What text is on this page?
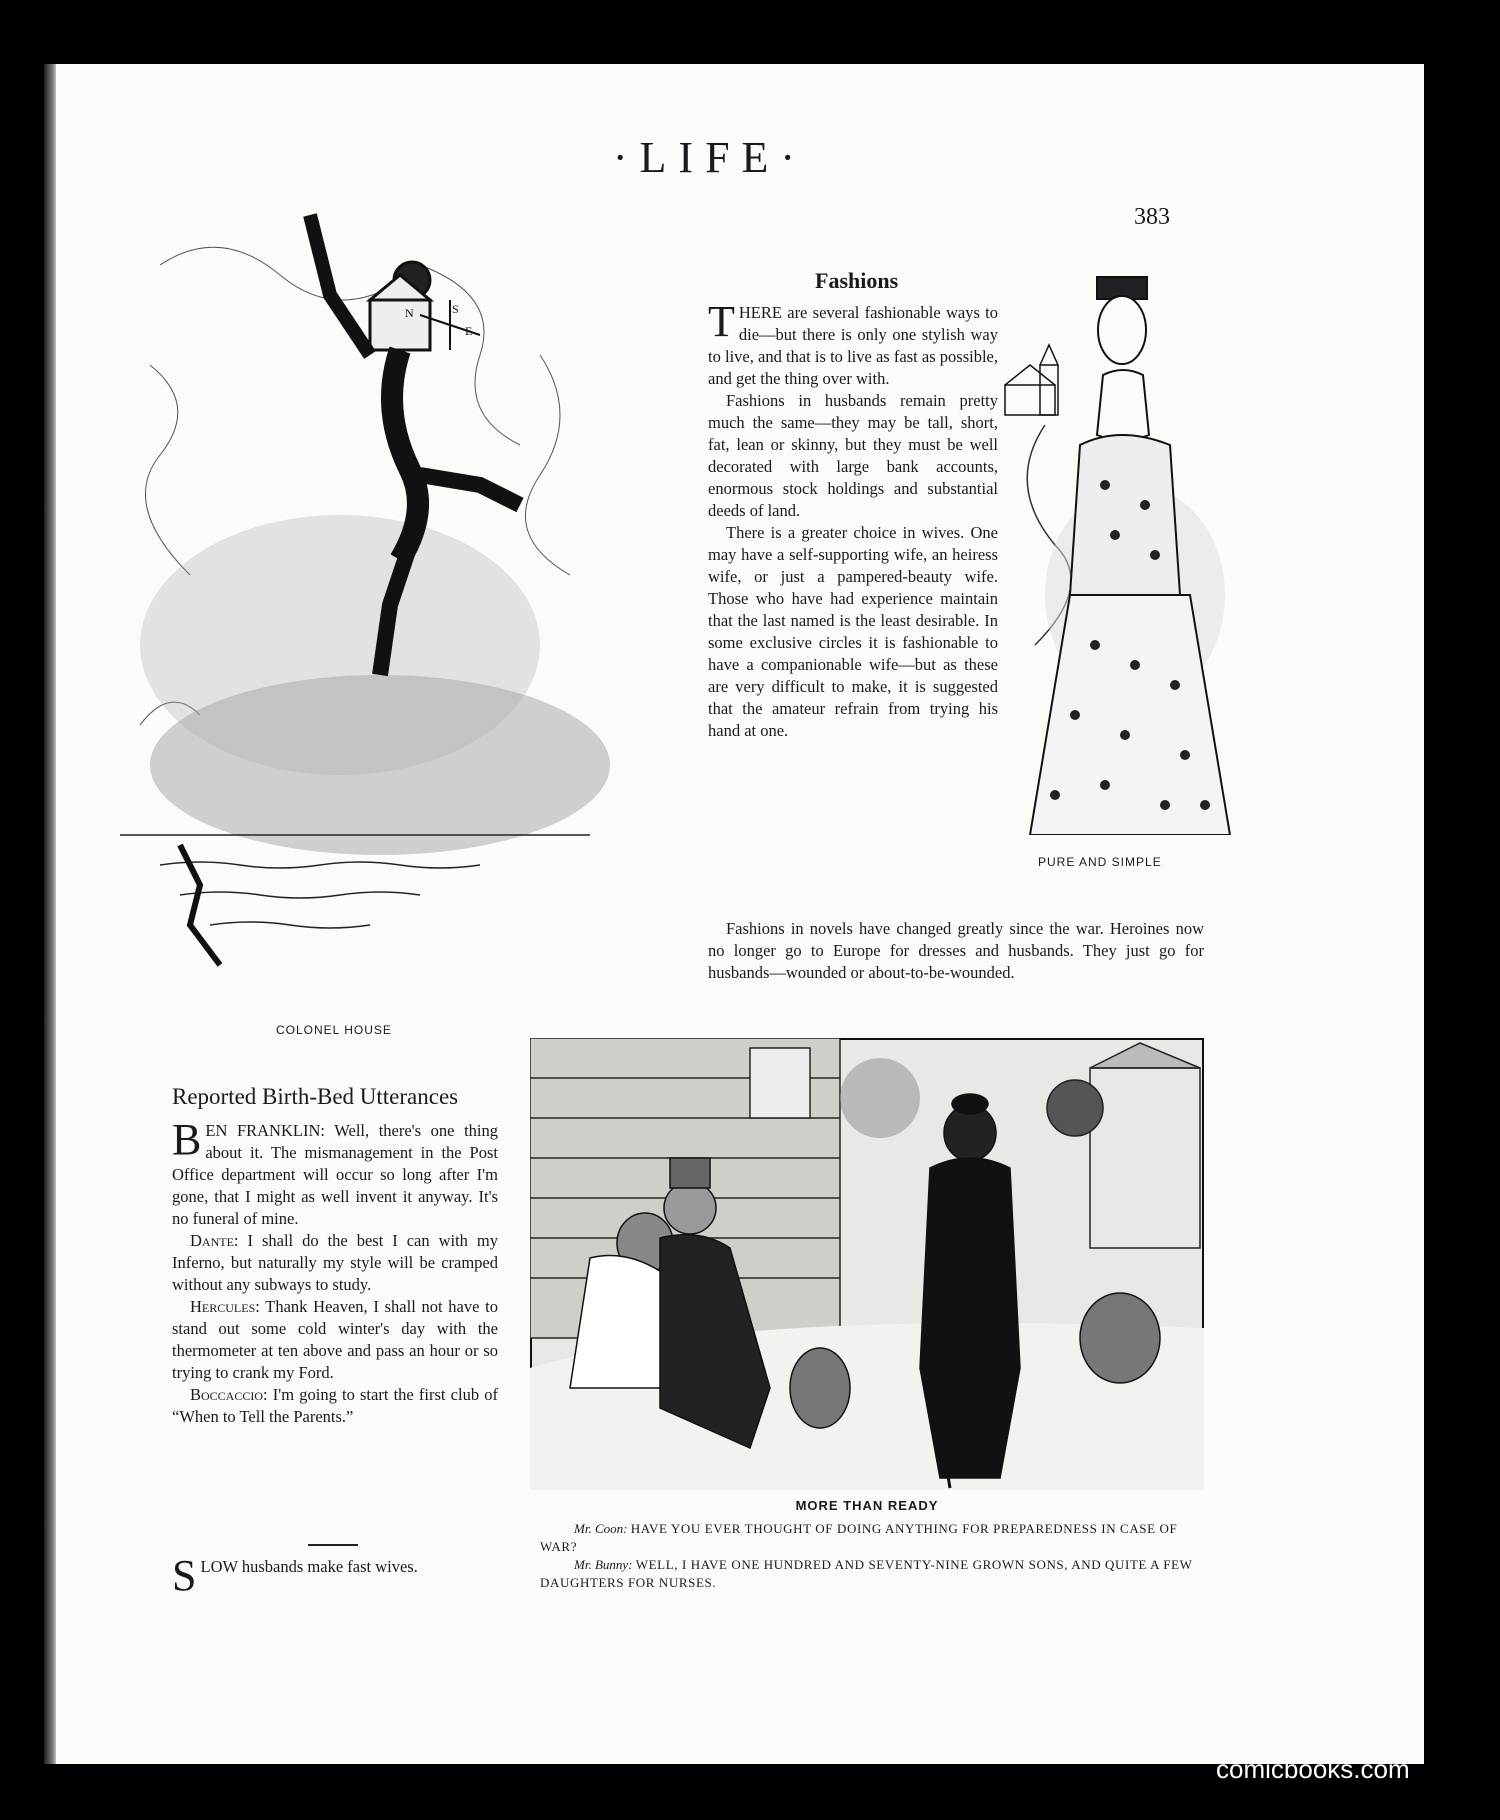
·LIFE·
383
N	S
E
COLONEL HOUSE
Fashions

THERE are several fashionable ways to die—but there is only one stylish way to live, and that is to live as fast as possible, and get the thing over with.

Fashions in husbands remain pretty much the same—they may be tall, short, fat, lean or skinny, but they must be well decorated with large bank accounts, enormous stock holdings and substantial deeds of land.

There is a greater choice in wives. One may have a self-supporting wife, an heiress wife, or just a pampered-beauty wife. Those who have had experience maintain that the last named is the least desirable. In some exclusive circles it is fashionable to have a companionable wife—but as these are very difficult to make, it is suggested that the amateur refrain from trying his hand at one.

Fashions in novels have changed greatly since the war. Heroines now no longer go to Europe for dresses and husbands. They just go for husbands—wounded or about-to-be-wounded.

PURE AND SIMPLE
Reported Birth-Bed Utterances

BEN FRANKLIN: Well, there's one thing about it. The mismanagement in the Post Office department will occur so long after I'm gone, that I might as well invent it anyway. It's no funeral of mine.

Dante: I shall do the best I can with my Inferno, but naturally my style will be cramped without any subways to study.

Hercules: Thank Heaven, I shall not have to stand out some cold winter's day with the thermometer at ten above and pass an hour or so trying to crank my Ford.

Boccaccio: I'm going to start the first club of “When to Tell the Parents.”

SLOW husbands make fast wives.

MORE THAN READY
Mr. Coon: HAVE YOU EVER THOUGHT OF DOING ANYTHING FOR PREPAREDNESS IN CASE OF WAR?
Mr. Bunny: WELL, I HAVE ONE HUNDRED AND SEVENTY-NINE GROWN SONS, AND QUITE A FEW DAUGHTERS FOR NURSES.
comicbooks.com
